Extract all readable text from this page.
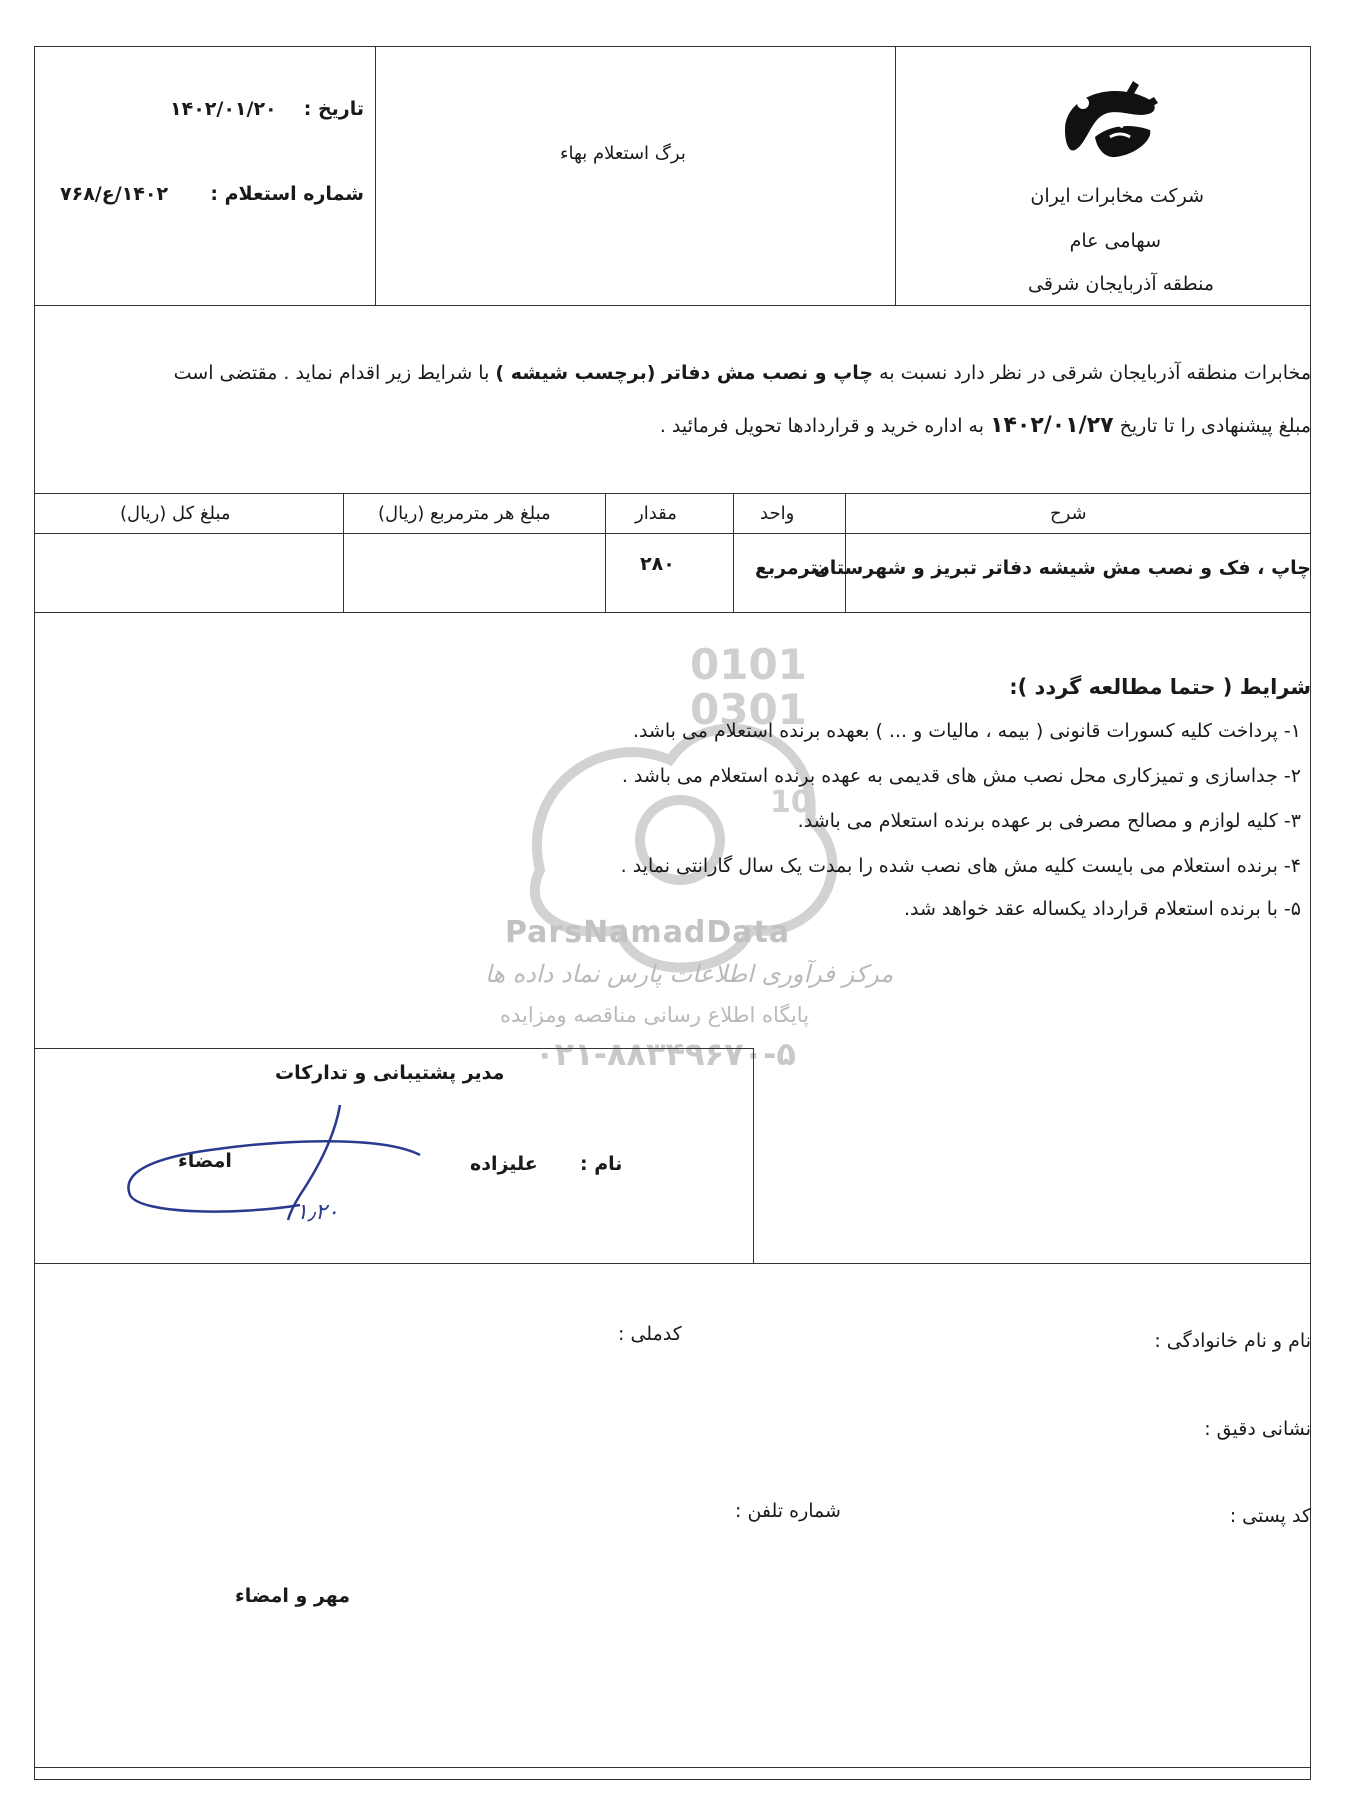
تاریخ :
۱۴۰۲/۰۱/۲۰
شماره استعلام :
۱۴۰۲/ع/۷۶۸
برگ استعلام بهاء
شرکت مخابرات ایران
سهامی عام
منطقه آذربایجان شرقی
مخابرات منطقه آذربایجان شرقی در نظر دارد نسبت به چاپ و نصب مش دفاتر (برچسب شیشه ) با شرایط زیر اقدام نماید . مقتضی است
مبلغ پیشنهادی را تا تاریخ ۱۴۰۲/۰۱/۲۷ به اداره خرید و قراردادها تحویل فرمائید .
شرح
واحد
مقدار
مبلغ هر مترمربع (ریال)
مبلغ کل (ریال)
چاپ ، فک و نصب مش شیشه دفاتر تبریز و شهرستان
مترمربع
۲۸۰
0101
0301
10
ParsNamadData
مرکز فرآوری اطلاعات پارس نماد داده ها
پایگاه اطلاع رسانی مناقصه ومزایده
۰۲۱-۸۸۳۴۹۶۷۰-۵
شرایط ( حتما مطالعه گردد ):
۱- پرداخت کلیه کسورات قانونی ( بیمه ، مالیات و ... ) بعهده برنده استعلام می باشد.
۲- جداسازی و تمیزکاری محل نصب مش های قدیمی به عهده برنده استعلام می باشد .
۳- کلیه لوازم و مصالح مصرفی بر عهده برنده استعلام می باشد.
۴- برنده استعلام می بایست کلیه مش های نصب شده را بمدت یک سال گارانتی نماید .
۵- با برنده استعلام قرارداد یکساله عقد خواهد شد.
مدیر پشتیبانی و تدارکات
نام :
علیزاده
امضاء
۱٫۲۰
نام و نام خانوادگی :
کدملی :
نشانی دقیق :
کد پستی :
شماره تلفن :
مهر و امضاء
